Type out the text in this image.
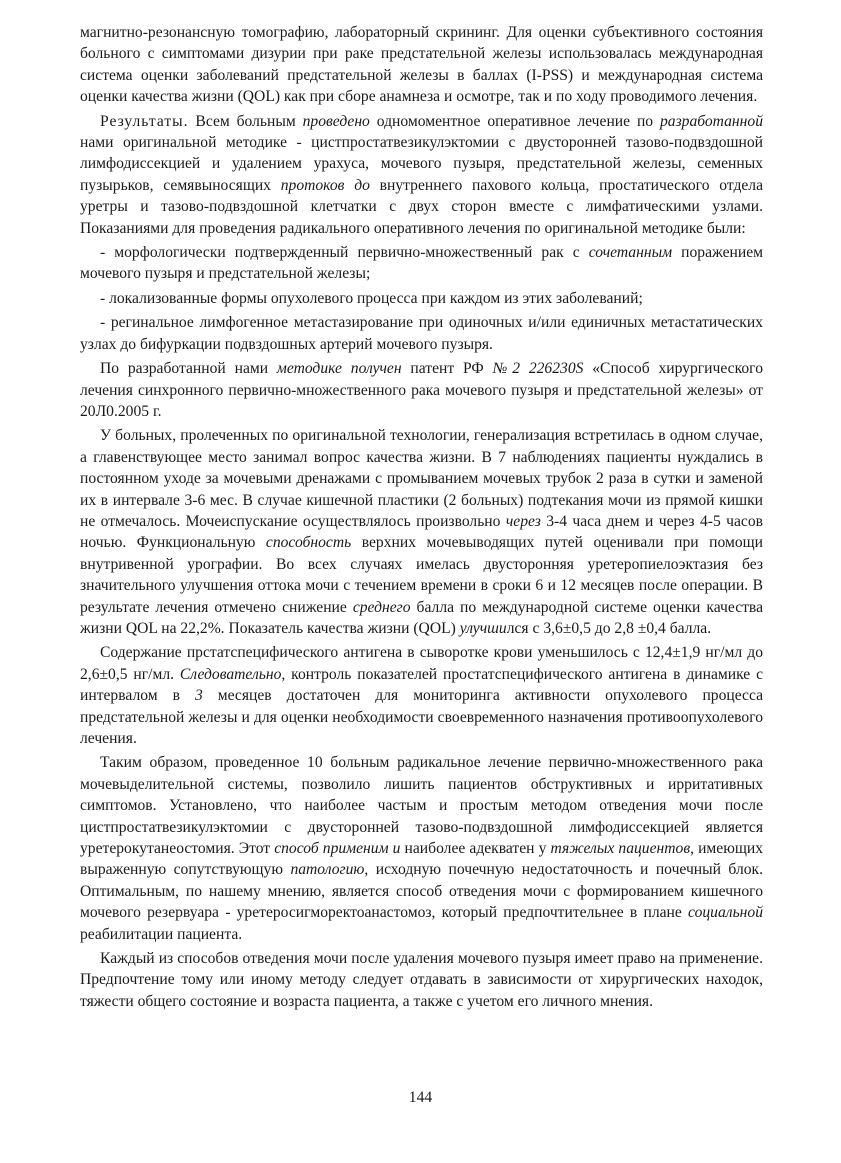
магнитно-резонансную томографию, лабораторный скрининг. Для оценки субъективного состояния больного с симптомами дизурии при раке предстательной железы использовалась международная система оценки заболеваний предстательной железы в баллах (I-PSS) и международная система оценки качества жизни (QOL) как при сборе анамнеза и осмотре, так и по ходу проводимого лечения.

Результаты. Всем больным проведено одномоментное оперативное лечение по разработанной нами оригинальной методике - цистпростатвезикулэктомии с двусторонней тазово-подвздошной лимфодиссекцией и удалением урахуса, мочевого пузыря, предстательной железы, семенных пузырьков, семявыносящих протоков до внутреннего пахового кольца, простатического отдела уретры и тазово-подвздошной клетчатки с двух сторон вместе с лимфатическими узлами. Показаниями для проведения радикального оперативного лечения по оригинальной методике были:

- морфологически подтвержденный первично-множественный рак с сочетанным поражением мочевого пузыря и предстательной железы;

- локализованные формы опухолевого процесса при каждом из этих заболеваний;

- регинальное лимфогенное метастазирование при одиночных и/или единичных метастатических узлах до бифуркации подвздошных артерий мочевого пузыря.

По разработанной нами методике получен патент РФ №2 226230S «Способ хирургического лечения синхронного первично-множественного рака мочевого пузыря и предстательной железы» от 20Л0.2005 г.

У больных, пролеченных по оригинальной технологии, генерализация встретилась в одном случае, а главенствующее место занимал вопрос качества жизни. В 7 наблюдениях пациенты нуждались в постоянном уходе за мочевыми дренажами с промыванием мочевых трубок 2 раза в сутки и заменой их в интервале 3-6 мес. В случае кишечной пластики (2 больных) подтекания мочи из прямой кишки не отмечалось. Мочеиспускание осуществлялось произвольно через 3-4 часа днем и через 4-5 часов ночью. Функциональную способность верхних мочевыводящих путей оценивали при помощи внутривенной урографии. Во всех случаях имелась двусторонняя уретеропиелоэктазия без значительного улучшения оттока мочи с течением времени в сроки 6 и 12 месяцев после операции. В результате лечения отмечено снижение среднего балла по международной системе оценки качества жизни QOL на 22,2%. Показатель качества жизни (QOL) улучшился с 3,6±0,5 до 2,8 ±0,4 балла.

Содержание прстатспецифического антигена в сыворотке крови уменьшилось с 12,4±1,9 нг/мл до 2,6±0,5 нг/мл. Следовательно, контроль показателей простатспецифического антигена в динамике с интервалом в 3 месяцев достаточен для мониторинга активности опухолевого процесса предстательной железы и для оценки необходимости своевременного назначения противоопухолевого лечения.

Таким образом, проведенное 10 больным радикальное лечение первично-множественного рака мочевыделительной системы, позволило лишить пациентов обструктивных и ирритативных симптомов. Установлено, что наиболее частым и простым методом отведения мочи после цистпростатвезикулэктомии с двусторонней тазово-подвздошной лимфодиссекцией является уретерокутанеостомия. Этот способ применим и наиболее адекватен у тяжелых пациентов, имеющих выраженную сопутствующую патологию, исходную почечную недостаточность и почечный блок. Оптимальным, по нашему мнению, является способ отведения мочи с формированием кишечного мочевого резервуара - уретеросигморектоанастомоз, который предпочтительнее в плане социальной реабилитации пациента.

Каждый из способов отведения мочи после удаления мочевого пузыря имеет право на применение. Предпочтение тому или иному методу следует отдавать в зависимости от хирургических находок, тяжести общего состояние и возраста пациента, а также с учетом его личного мнения.

144
